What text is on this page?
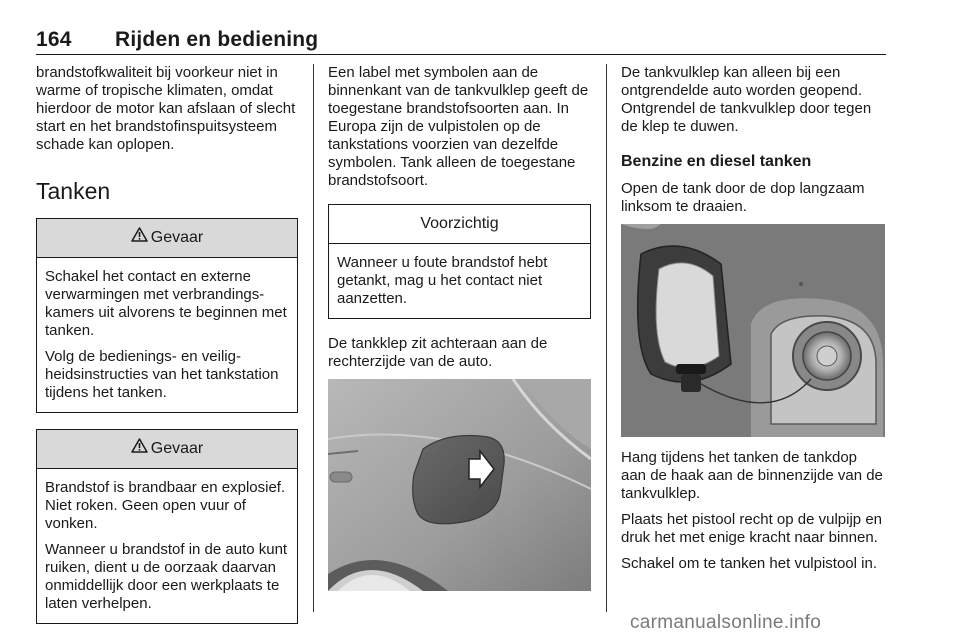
164 Rijden en bediening

brandstofkwaliteit bij voorkeur niet in warme of tropische klimaten, omdat hierdoor de motor kan afslaan of slecht start en het brandstofinspuitsysteem schade kan oplopen.

Tanken
Gevaar

Schakel het contact en externe verwarmingen met verbrandingskamers uit alvorens te beginnen met tanken.

Volg de bedienings- en veiligheidsinstructies van het tankstation tijdens het tanken.

Gevaar

Brandstof is brandbaar en explosief. Niet roken. Geen open vuur of vonken.

Wanneer u brandstof in de auto kunt ruiken, dient u de oorzaak daarvan onmiddellijk door een werkplaats te laten verhelpen.

Een label met symbolen aan de binnenkant van de tankvulklep geeft de toegestane brandstofsoorten aan. In Europa zijn de vulpistolen op de tankstations voorzien van dezelfde symbolen. Tank alleen de toegestane brandstofsoort.

Voorzichtig

Wanneer u foute brandstof hebt getankt, mag u het contact niet aanzetten.

De tankklep zit achteraan aan de rechterzijde van de auto.

De tankvulklep kan alleen bij een ontgrendelde auto worden geopend. Ontgrendel de tankvulklep door tegen de klep te duwen.

Benzine en diesel tanken

Open de tank door de dop langzaam linksom te draaien.

Hang tijdens het tanken de tankdop aan de haak aan de binnenzijde van de tankvulklep.

Plaats het pistool recht op de vulpijp en druk het met enige kracht naar binnen.

Schakel om te tanken het vulpistool in.

carmanualsonline.info
